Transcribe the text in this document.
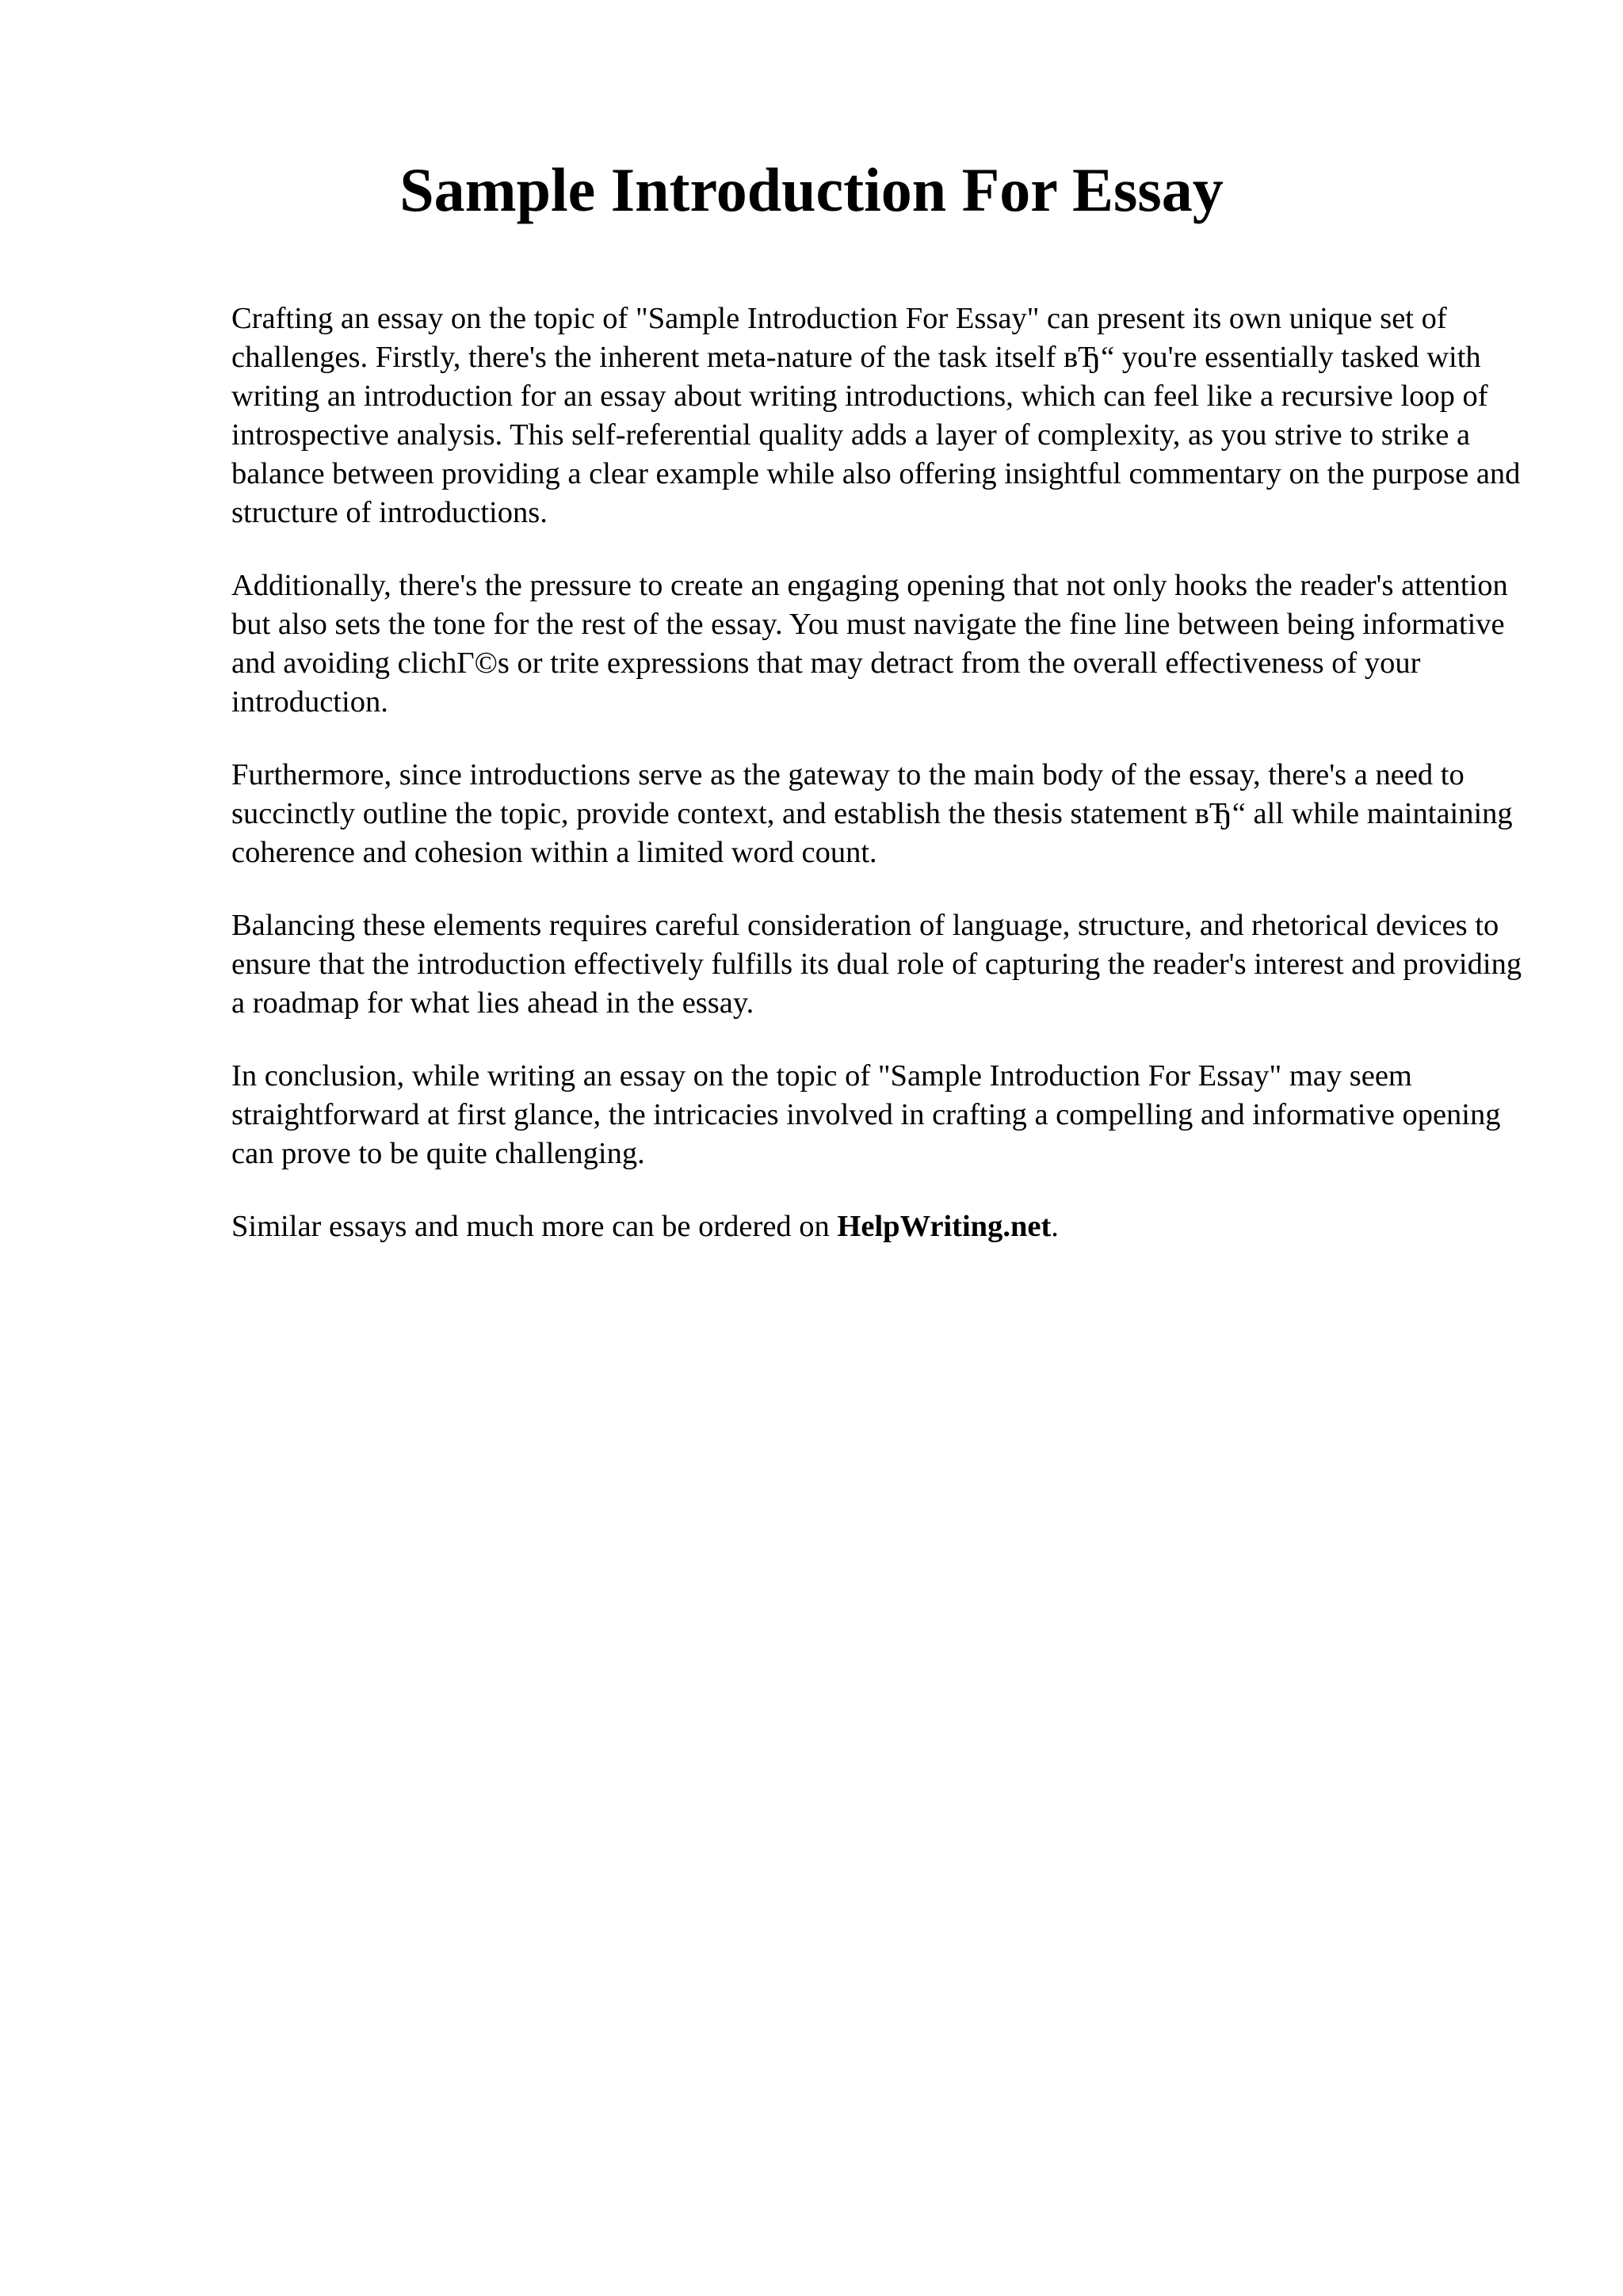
Sample Introduction For Essay

Crafting an essay on the topic of "Sample Introduction For Essay" can present its own unique set of challenges. Firstly, there's the inherent meta-nature of the task itself вЂ“ you're essentially tasked with writing an introduction for an essay about writing introductions, which can feel like a recursive loop of introspective analysis. This self-referential quality adds a layer of complexity, as you strive to strike a balance between providing a clear example while also offering insightful commentary on the purpose and structure of introductions.

Additionally, there's the pressure to create an engaging opening that not only hooks the reader's attention but also sets the tone for the rest of the essay. You must navigate the fine line between being informative and avoiding clichГ©s or trite expressions that may detract from the overall effectiveness of your introduction.

Furthermore, since introductions serve as the gateway to the main body of the essay, there's a need to succinctly outline the topic, provide context, and establish the thesis statement вЂ“ all while maintaining coherence and cohesion within a limited word count.

Balancing these elements requires careful consideration of language, structure, and rhetorical devices to ensure that the introduction effectively fulfills its dual role of capturing the reader's interest and providing a roadmap for what lies ahead in the essay.

In conclusion, while writing an essay on the topic of "Sample Introduction For Essay" may seem straightforward at first glance, the intricacies involved in crafting a compelling and informative opening can prove to be quite challenging.

Similar essays and much more can be ordered on HelpWriting.net.
